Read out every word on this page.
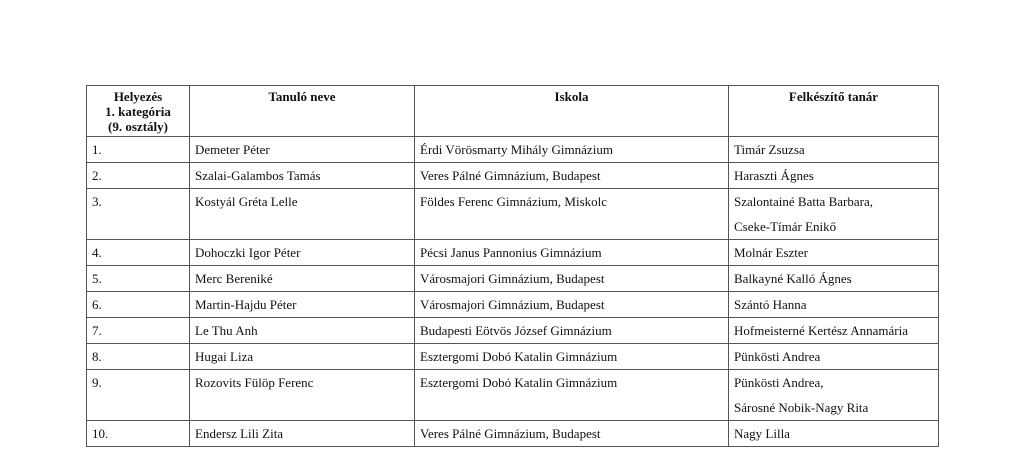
Helyezés
1. kategória
(9. osztály)	Tanuló neve	Iskola	Felkészítő tanár
1.	Demeter Péter	Érdi Vörösmarty Mihály Gimnázium	Timár Zsuzsa

2.	Szalai-Galambos Tamás	Veres Pálné Gimnázium, Budapest	Haraszti Ágnes

3.	Kostyál Gréta Lelle	Földes Ferenc Gimnázium, Miskolc	Szalontainé Batta Barbara,
Cseke-Tímár Enikő

4.	Dohoczki Igor Péter	Pécsi Janus Pannonius Gimnázium	Molnár Eszter

5.	Merc Bereniké	Városmajori Gimnázium, Budapest	Balkayné Kalló Ágnes

6.	Martin-Hajdu Péter	Városmajori Gimnázium, Budapest	Szántó Hanna

7.	Le Thu Anh	Budapesti Eötvös József Gimnázium	Hofmeisterné Kertész Annamária

8.	Hugai Liza	Esztergomi Dobó Katalin Gimnázium	Pünkösti Andrea

9.	Rozovits Fülöp Ferenc	Esztergomi Dobó Katalin Gimnázium	Pünkösti Andrea,
Sárosné Nobik-Nagy Rita

10.	Endersz Lili Zita	Veres Pálné Gimnázium, Budapest	Nagy Lilla
